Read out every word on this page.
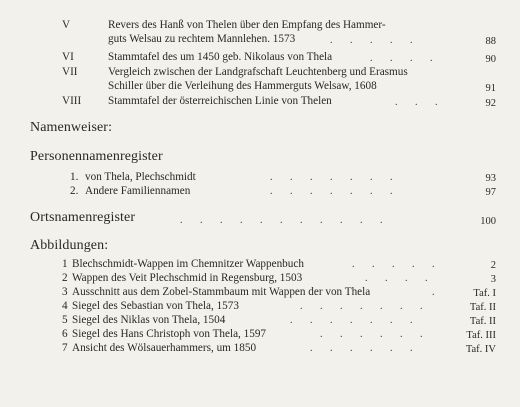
V	Revers des Hanß von Thelen über den Empfang des Hammer-
guts Welsau zu rechtem Mannlehen. 1573	.       .       .       .       .	88
VI	Stammtafel des um 1450 geb. Nikolaus von Thela	.       .       .       .	90
VII	Vergleich zwischen der Landgrafschaft Leuchtenberg und Erasmus
Schiller über die Verleihung des Hammerguts Welsaw, 1608	91
VIII Stammtafel der österreichischen Linie von Thelen	.       .       .	92
Namenweiser:
Personennamenregister
1. von Thela, Plechschmidt	.       .       .       .       .       .       .	93
2. Andere Familiennamen	.       .       .       .       .       .       .	97
Ortsnamenregister	.       .       .       .       .       .       .       .       .       .       .	100
Abbildungen:
1 Blechschmidt-Wappen im Chemnitzer Wappenbuch	.       .       .       .       .	2
2 Wappen des Veit Plechschmid in Regensburg, 1503	.       .       .       .	3
3 Ausschnitt aus dem Zobel-Stammbaum mit Wappen der von Thela	.	Taf. I
4 Siegel des Sebastian von Thela, 1573	.       .       .       .       .       .       .	Taf. II
5 Siegel des Niklas von Thela, 1504	.       .       .       .       .       .       .	Taf. II
6 Siegel des Hans Christoph von Thela, 1597	.       .       .       .       .       .	Taf. III
7 Ansicht des Wölsauerhammers, um 1850	.       .       .       .       .       .	Taf. IV
